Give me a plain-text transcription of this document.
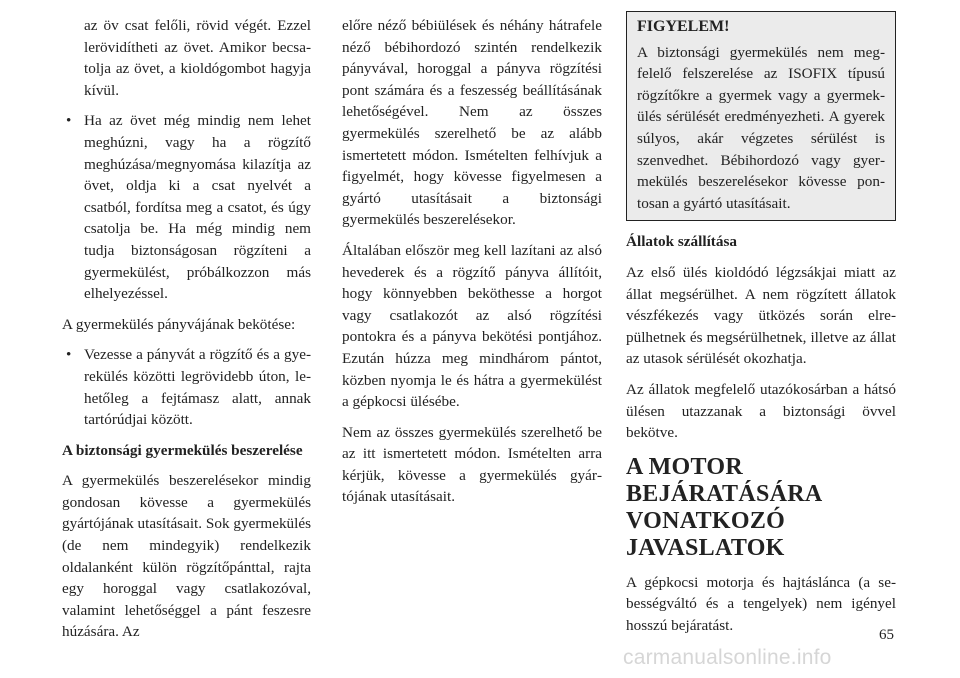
az öv csat felőli, rövid végét. Ezzel lerövidítheti az övet. Amikor becsatolja az övet, a kioldógombot hagyja kívül.

• Ha az övet még mindig nem lehet meghúzni, vagy ha a rögzítő meghúzása/megnyomása kilazítja az övet, oldja ki a csat nyelvét a csatból, fordítsa meg a csatot, és úgy csatolja be. Ha még mindig nem tudja biztonságosan rögzíteni a gyermekülést, próbálkozzon más elhelyezéssel.

A gyermekülés pányvájának bekötése:

• Vezesse a pányvát a rögzítő és a gyerekülés közötti legrövidebb úton, lehetőleg a fejtámasz alatt, annak tartórúdjai között.

A biztonsági gyermekülés beszerelése

A gyermekülés beszerelésekor mindig gondosan kövesse a gyermekülés gyártójának utasításait. Sok gyermekülés (de nem mindegyik) rendelkezik oldalanként külön rögzítőpánttal, rajta egy horoggal vagy csatlakozóval, valamint lehetőséggel a pánt feszesre húzására. Az

előre néző bébiülések és néhány hátrafele néző bébihordozó szintén rendelkezik pányvával, horoggal a pányva rögzítési pont számára és a feszesség beállításának lehetőségével. Nem az összes gyermekülés szerelhető be az alább ismertetett módon. Ismételten felhívjuk a figyelmét, hogy kövesse figyelmesen a gyártó utasításait a biztonsági gyermekülés beszerelésekor.

Általában először meg kell lazítani az alsó hevederek és a rögzítő pányva állítóit, hogy könnyebben beköthesse a horgot vagy csatlakozót az alsó rögzítési pontokra és a pányva bekötési pontjához. Ezután húzza meg mindhárom pántot, közben nyomja le és hátra a gyermekülést a gépkocsi ülésébe.

Nem az összes gyermekülés szerelhető be az itt ismertetett módon. Ismételten arra kérjük, kövesse a gyermekülés gyártójának utasításait.

FIGYELEM!

A biztonsági gyermekülés nem megfelelő felszerelése az ISOFIX típusú rögzítőkre a gyermek vagy a gyermekülés sérülését eredményezheti. A gyerek súlyos, akár végzetes sérülést is szenvedhet. Bébihordozó vagy gyermekülés beszerelésekor kövesse pontosan a gyártó utasításait.

Állatok szállítása

Az első ülés kioldódó légzsákjai miatt az állat megsérülhet. A nem rögzített állatok vészfékezés vagy ütközés során elrepülhetnek és megsérülhetnek, illetve az állat az utasok sérülését okozhatja.

Az állatok megfelelő utazókosárban a hátsó ülésen utazzanak a biztonsági övvel bekötve.

A MOTOR BEJÁRATÁSÁRA VONATKOZÓ JAVASLATOK

A gépkocsi motorja és hajtáslánca (a sebességváltó és a tengelyek) nem igényel hosszú bejáratást.

65
carmanualsonline.info
